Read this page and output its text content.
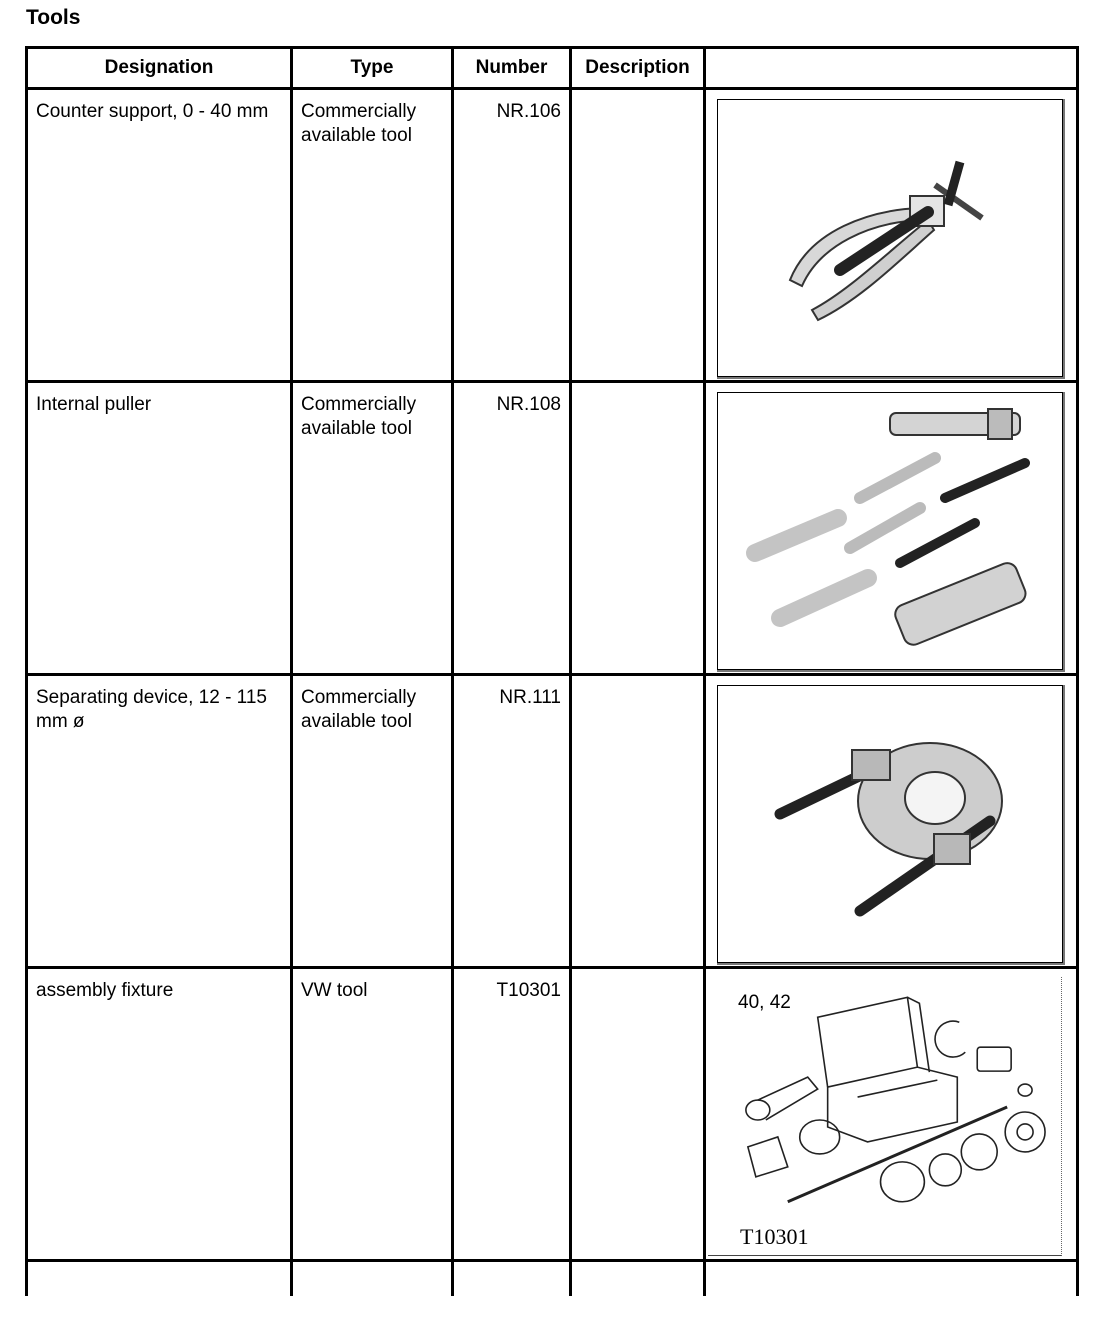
Tools
Designation	Type	Number	Description	

Counter support, 0 - 40 mm	Commercially available tool	NR.106

Internal puller	Commercially available tool	NR.108

Separating device, 12 - 115 mm ø	Commercially available tool	NR.111

assembly fixture	VW tool	T10301		40, 42
T10301
